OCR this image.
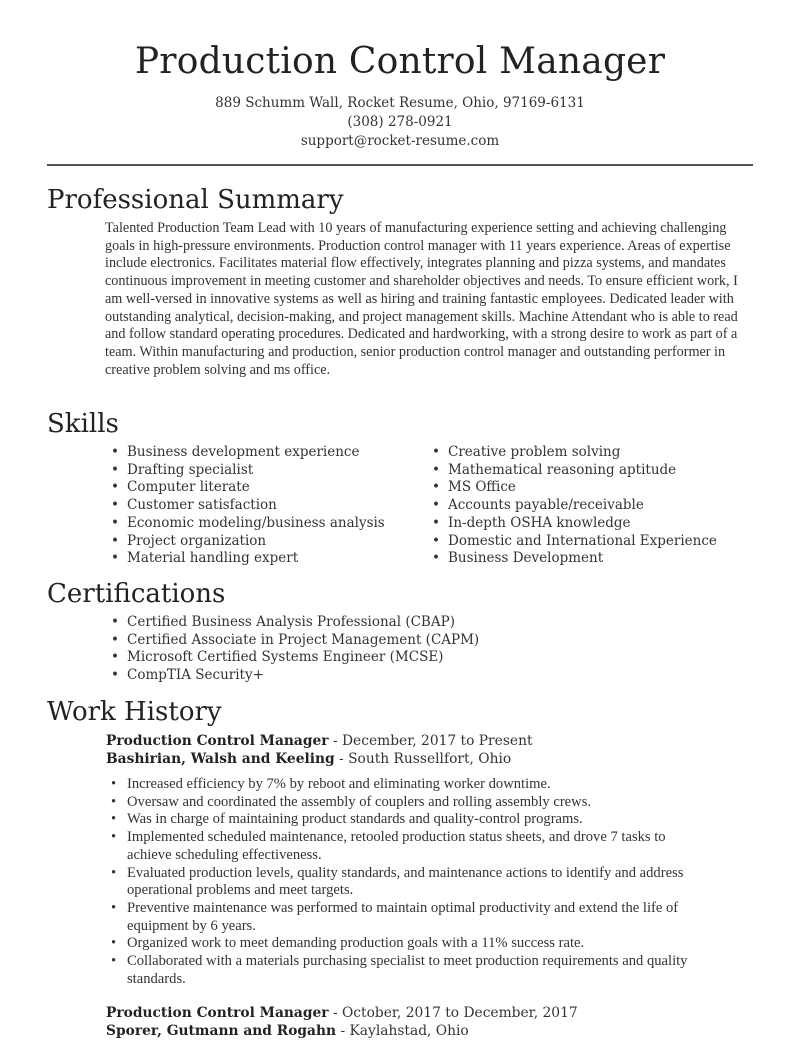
Production Control Manager
889 Schumm Wall, Rocket Resume, Ohio, 97169-6131
(308) 278-0921
support@rocket-resume.com
Professional Summary

Talented Production Team Lead with 10 years of manufacturing experience setting and achieving challenging goals in high-pressure environments. Production control manager with 11 years experience. Areas of expertise include electronics. Facilitates material flow effectively, integrates planning and pizza systems, and mandates continuous improvement in meeting customer and shareholder objectives and needs. To ensure efficient work, I am well-versed in innovative systems as well as hiring and training fantastic employees. Dedicated leader with outstanding analytical, decision-making, and project management skills. Machine Attendant who is able to read and follow standard operating procedures. Dedicated and hardworking, with a strong desire to work as part of a team. Within manufacturing and production, senior production control manager and outstanding performer in creative problem solving and ms office.

Skills
• Business development experience
• Drafting specialist
• Computer literate
• Customer satisfaction
• Economic modeling/business analysis
• Project organization
• Material handling expert
• Creative problem solving
• Mathematical reasoning aptitude
• MS Office
• Accounts payable/receivable
• In-depth OSHA knowledge
• Domestic and International Experience
• Business Development
Certifications
• Certified Business Analysis Professional (CBAP)
• Certified Associate in Project Management (CAPM)
• Microsoft Certified Systems Engineer (MCSE)
• CompTIA Security+
Work History
Production Control Manager - December, 2017 to Present
Bashirian, Walsh and Keeling - South Russellfort, Ohio
• Increased efficiency by 7% by reboot and eliminating worker downtime.
• Oversaw and coordinated the assembly of couplers and rolling assembly crews.
• Was in charge of maintaining product standards and quality-control programs.
• Implemented scheduled maintenance, retooled production status sheets, and drove 7 tasks to achieve scheduling effectiveness.
• Evaluated production levels, quality standards, and maintenance actions to identify and address operational problems and meet targets.
• Preventive maintenance was performed to maintain optimal productivity and extend the life of equipment by 6 years.
• Organized work to meet demanding production goals with a 11% success rate.
• Collaborated with a materials purchasing specialist to meet production requirements and quality standards.
Production Control Manager - October, 2017 to December, 2017
Sporer, Gutmann and Rogahn - Kaylahstad, Ohio
